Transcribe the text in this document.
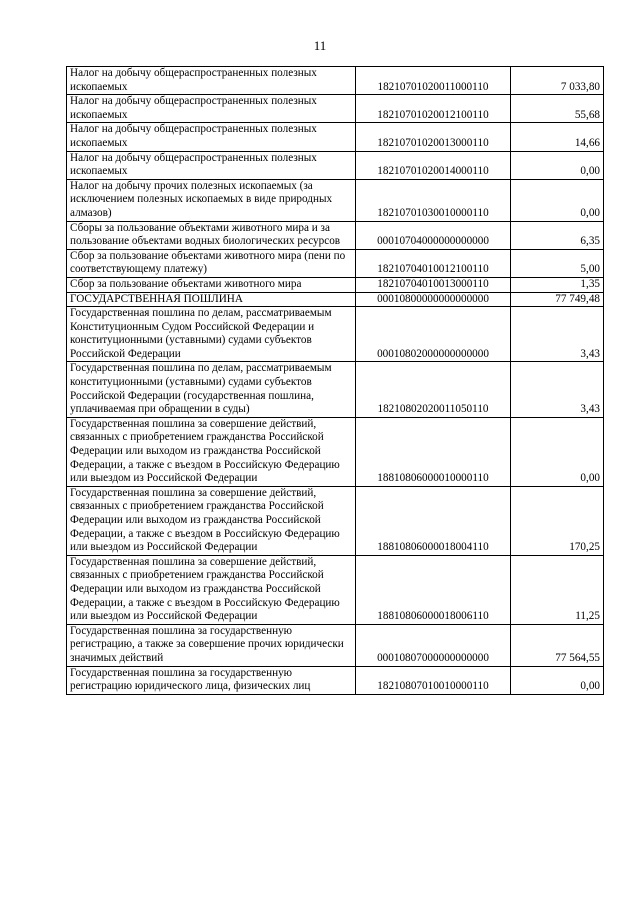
11
Налог на добычу общераспространенных полезных ископаемых	18210701020011000110	7 033,80
Налог на добычу общераспространенных полезных ископаемых	18210701020012100110	55,68
Налог на добычу общераспространенных полезных ископаемых	18210701020013000110	14,66
Налог на добычу общераспространенных полезных ископаемых	18210701020014000110	0,00
Налог на добычу прочих полезных ископаемых (за исключением полезных ископаемых в виде природных алмазов)	18210701030010000110	0,00
Сборы за пользование объектами животного мира и за пользование объектами водных биологических ресурсов	00010704000000000000	6,35
Сбор за пользование объектами животного мира (пени по соответствующему платежу)	18210704010012100110	5,00
Сбор за пользование объектами животного мира	18210704010013000110	1,35
ГОСУДАРСТВЕННАЯ ПОШЛИНА	00010800000000000000	77 749,48
Государственная пошлина по делам, рассматриваемым Конституционным Судом Российской Федерации и конституционными (уставными) судами субъектов Российской Федерации	00010802000000000000	3,43
Государственная пошлина по делам, рассматриваемым конституционными (уставными) судами субъектов Российской Федерации (государственная пошлина, уплачиваемая при обращении в суды)	18210802020011050110	3,43
Государственная пошлина за совершение действий, связанных с приобретением гражданства Российской Федерации или выходом из гражданства Российской Федерации, а также с въездом в Российскую Федерацию или выездом из Российской Федерации	18810806000010000110	0,00
Государственная пошлина за совершение действий, связанных с приобретением гражданства Российской Федерации или выходом из гражданства Российской Федерации, а также с въездом в Российскую Федерацию или выездом из Российской Федерации	18810806000018004110	170,25
Государственная пошлина за совершение действий, связанных с приобретением гражданства Российской Федерации или выходом из гражданства Российской Федерации, а также с въездом в Российскую Федерацию или выездом из Российской Федерации	18810806000018006110	11,25
Государственная пошлина за государственную регистрацию, а также за совершение прочих юридически значимых действий	00010807000000000000	77 564,55
Государственная пошлина за государственную регистрацию юридического лица, физических лиц	18210807010010000110	0,00
